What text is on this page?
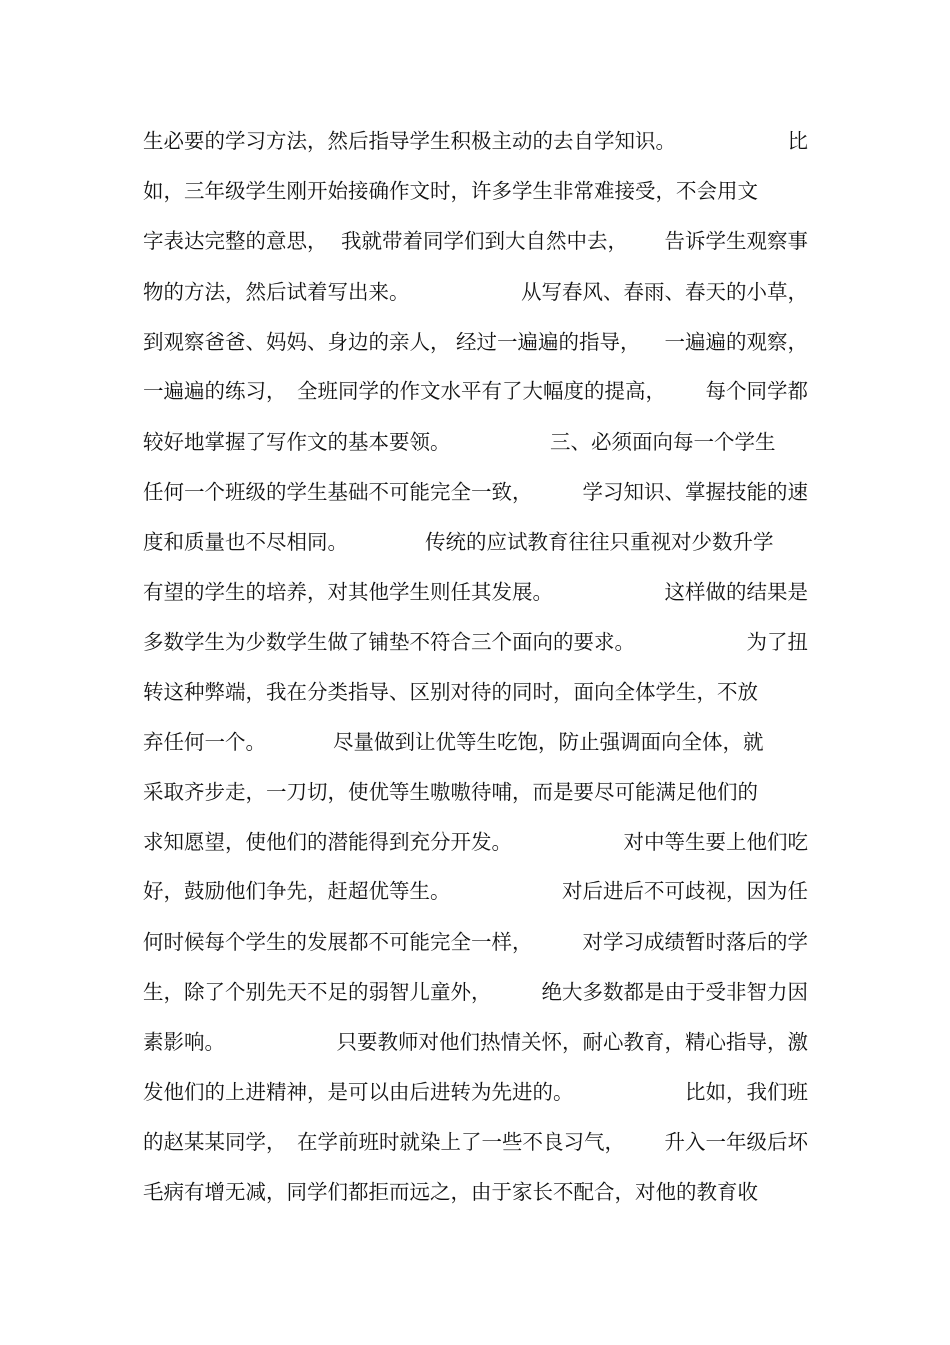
生必要的学习方法，然后指导学生积极主动的去自学知识。

	比

如，三年级学生刚开始接确作文时，许多学生非常难接受，不会用文

字表达完整的意思，

我就带着同学们到大自然中去，

告诉学生观察事

物的方法，然后试着写出来。

	从写春风、春雨、春天的小草，

到观察爸爸、妈妈、身边的亲人，

经过一遍遍的指导，

一遍遍的观察，

一遍遍的练习，

全班同学的作文水平有了大幅度的提高，

每个同学都

较好地掌握了写作文的基本要领。

	三、必须面向每一个学生

任何一个班级的学生基础不可能完全一致，

学习知识、掌握技能的速

度和质量也不尽相同。

	传统的应试教育往往只重视对少数升学

有望的学生的培养，对其他学生则任其发展。

	这样做的结果是

多数学生为少数学生做了铺垫不符合三个面向的要求。

	为了扭

转这种弊端，我在分类指导、区别对待的同时，面向全体学生，不放

弃任何一个。

	尽量做到让优等生吃饱，防止强调面向全体，就

采取齐步走，一刀切，使优等生嗷嗷待哺，而是要尽可能满足他们的

求知愿望，使他们的潜能得到充分开发。

	对中等生要上他们吃

好，鼓励他们争先，赶超优等生。

	对后进后不可歧视，因为任

何时候每个学生的发展都不可能完全一样，

对学习成绩暂时落后的学

生，除了个别先天不足的弱智儿童外，

绝大多数都是由于受非智力因

素影响。

	只要教师对他们热情关怀，耐心教育，精心指导，激

发他们的上进精神，是可以由后进转为先进的。

	比如，我们班

的赵某某同学，

在学前班时就染上了一些不良习气，

升入一年级后坏

毛病有增无减，同学们都拒而远之，由于家长不配合，对他的教育收
